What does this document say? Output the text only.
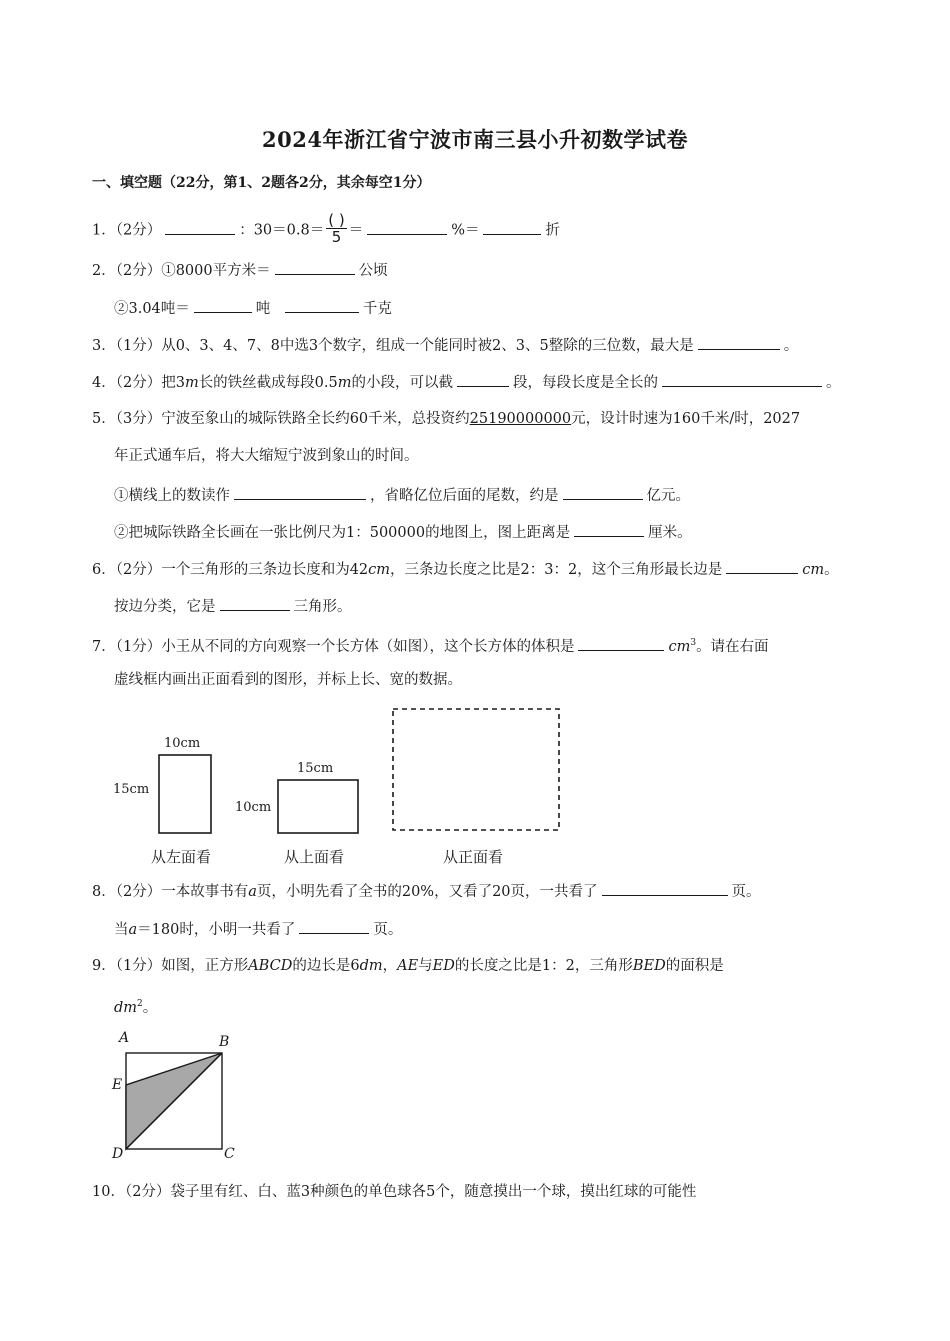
2024年浙江省宁波市南三县小升初数学试卷
一、填空题（22分，第1、2题各2分，其余每空1分）
1．（2分）	：$30=0.8= \frac{( )}{5}$ ＝	%＝	折
2．（2分）①8000平方米＝	公顷
②3.04吨＝	吨	千克
3．（1分）从0、3、4、7、8中选3个数字，组成一个能同时被2、3、5整除的三位数，最大是	。
4．（2分）把3m长的铁丝截成每段0.5m的小段，可以截	段，每段长度是全长的	。
5．（3分）宁波至象山的城际铁路全长约60千米，总投资约25190000000元，设计时速为160千米/时，2027
年正式通车后，将大大缩短宁波到象山的时间。
①横线上的数读作	，省略亿位后面的尾数，约是	亿元。
②把城际铁路全长画在一张比例尺为1：500000的地图上，图上距离是	厘米。
6．（2分）一个三角形的三条边长度和为42cm，三条边长度之比是2：3：2，这个三角形最长边是	cm。
按边分类，它是	三角形。
7．（1分）小王从不同的方向观察一个长方体（如图），这个长方体的体积是	$cm^3$。请在右面
虚线框内画出正面看到的图形，并标上长、宽的数据。
10cm
15cm
从左面看
15cm
10cm
从上面看	从正面看
8．（2分）一本故事书有a页，小明先看了全书的20%，又看了20页，一共看了	页。
当a＝180时，小明一共看了	页。
9．（1分）如图，正方形ABCD的边长是6dm，AE与ED的长度之比是1：2，三角形BED的面积是
$dm^2$。
A	B
C
D
E
10．（2分）袋子里有红、白、蓝3种颜色的单色球各5个，随意摸出一个球，摸出红球的可能性
